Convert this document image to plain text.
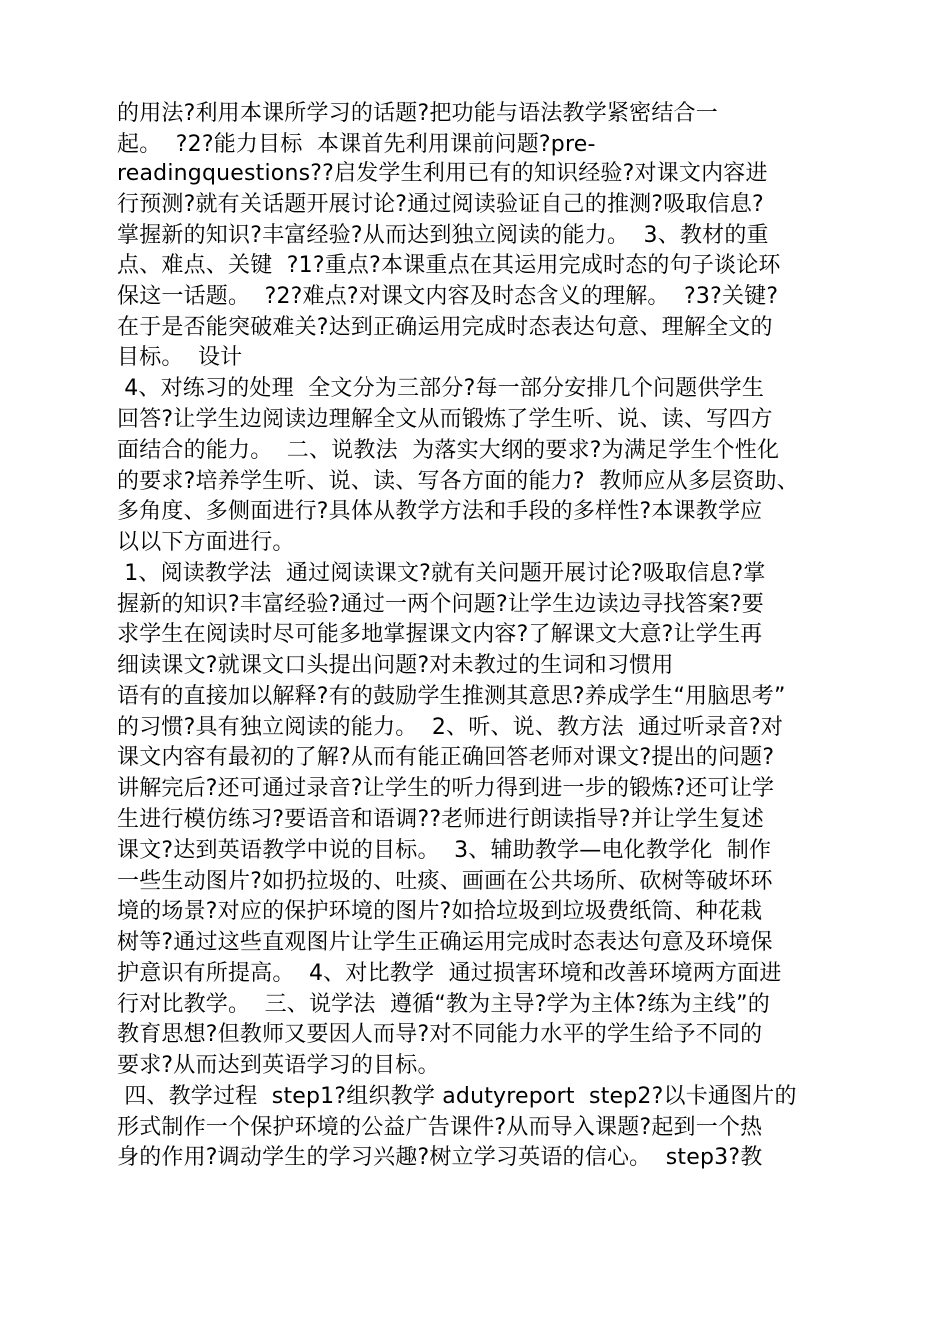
的用法?利用本课所学习的话题?把功能与语法教学紧密结合一
起。  ?2?能力目标  本课首先利用课前问题?pre-
readingquestions??启发学生利用已有的知识经验?对课文内容进
行预测?就有关话题开展讨论?通过阅读验证自己的推测?吸取信息?
掌握新的知识?丰富经验?从而达到独立阅读的能力。  3、教材的重
点、难点、关键  ?1?重点?本课重点在其运用完成时态的句子谈论环
保这一话题。  ?2?难点?对课文内容及时态含义的理解。  ?3?关键?
在于是否能突破难关?达到正确运用完成时态表达句意、理解全文的
目标。  设计
4、对练习的处理  全文分为三部分?每一部分安排几个问题供学生
回答?让学生边阅读边理解全文从而锻炼了学生听、说、读、写四方
面结合的能力。  二、说教法  为落实大纲的要求?为满足学生个性化
的要求?培养学生听、说、读、写各方面的能力?  教师应从多层资助、
多角度、多侧面进行?具体从教学方法和手段的多样性?本课教学应
以以下方面进行。
1、阅读教学法  通过阅读课文?就有关问题开展讨论?吸取信息?掌
握新的知识?丰富经验?通过一两个问题?让学生边读边寻找答案?要
求学生在阅读时尽可能多地掌握课文内容?了解课文大意?让学生再
细读课文?就课文口头提出问题?对未教过的生词和习惯用
语有的直接加以解释?有的鼓励学生推测其意思?养成学生“用脑思考”
的习惯?具有独立阅读的能力。  2、听、说、教方法  通过听录音?对
课文内容有最初的了解?从而有能正确回答老师对课文?提出的问题?
讲解完后?还可通过录音?让学生的听力得到进一步的锻炼?还可让学
生进行模仿练习?要语音和语调??老师进行朗读指导?并让学生复述
课文?达到英语教学中说的目标。  3、辅助教学—电化教学化  制作
一些生动图片?如扔拉圾的、吐痰、画画在公共场所、砍树等破坏环
境的场景?对应的保护环境的图片?如拾垃圾到垃圾费纸筒、种花栽
树等?通过这些直观图片让学生正确运用完成时态表达句意及环境保
护意识有所提高。  4、对比教学  通过损害环境和改善环境两方面进
行对比教学。  三、说学法  遵循“教为主导?学为主体?练为主线”的
教育思想?但教师又要因人而导?对不同能力水平的学生给予不同的
要求?从而达到英语学习的目标。
四、教学过程  step1?组织教学 adutyreport  step2?以卡通图片的
形式制作一个保护环境的公益广告课件?从而导入课题?起到一个热
身的作用?调动学生的学习兴趣?树立学习英语的信心。  step3?教
